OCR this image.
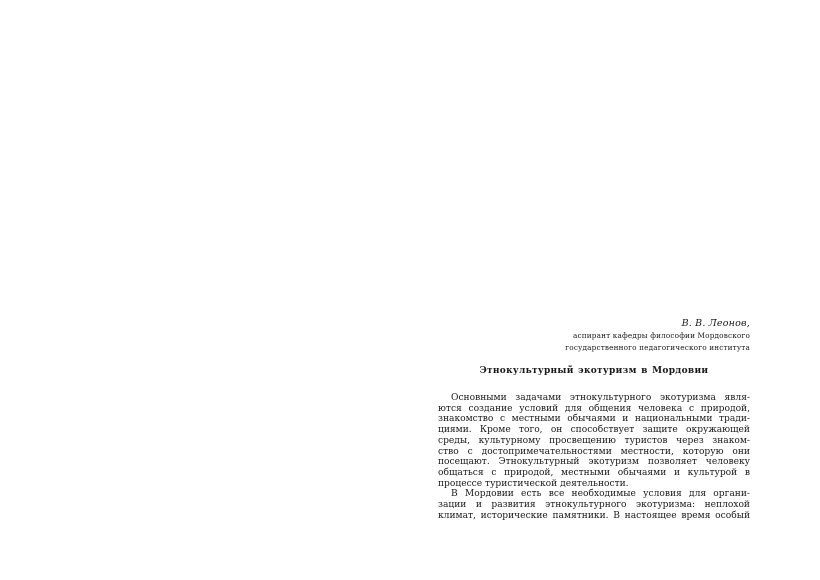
В. В. Леонов,
аспирант кафедры философии Мордовского
государственного педагогического института
Этнокультурный экотуризм в Мордовии
Основными задачами этнокультурного экотуризма явля-
ются создание условий для общения человека с природой,
знакомство с местными обычаями и национальными тради-
циями. Кроме того, он способствует защите окружающей
среды, культурному просвещению туристов через знаком-
ство с достопримечательностями местности, которую они
посещают. Этнокультурный экотуризм позволяет человеку
общаться с природой, местными обычаями и культурой в
процессе туристической деятельности.
В Мордовии есть все необходимые условия для органи-
зации и развития этнокультурного экотуризма: неплохой
климат, исторические памятники. В настоящее время особый
